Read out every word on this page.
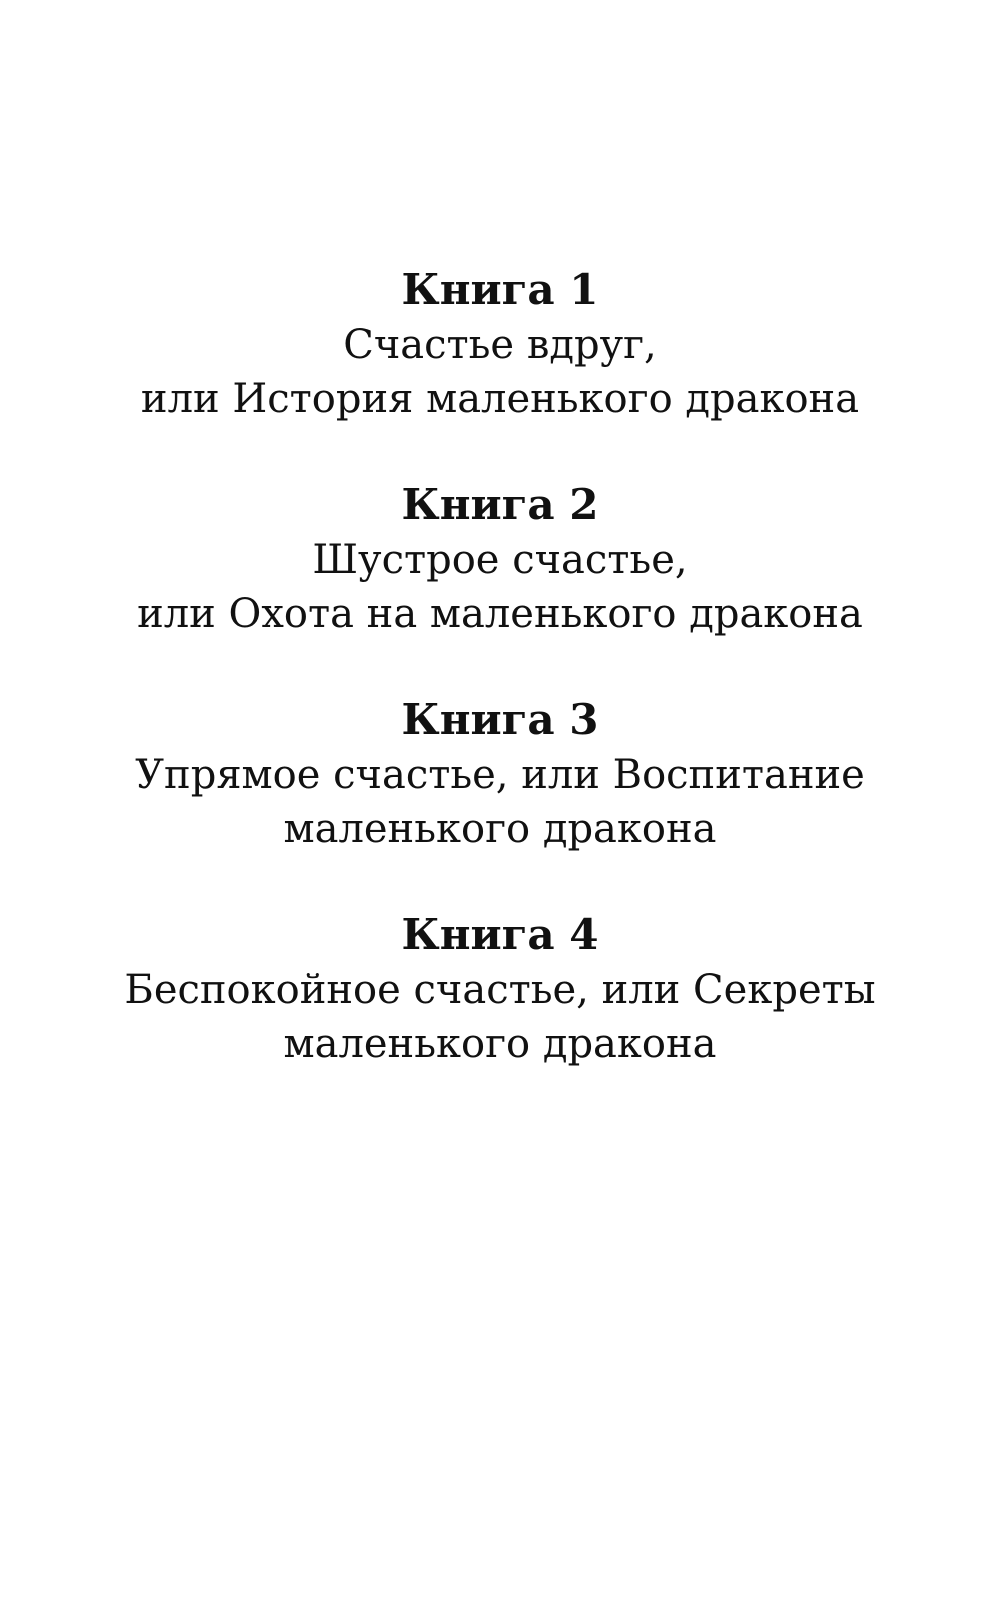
Книга 1
Счастье вдруг,
или История маленького дракона
Книга 2
Шустрое счастье,
или Охота на маленького дракона
Книга 3
Упрямое счастье, или Воспитание
маленького дракона
Книга 4
Беспокойное счастье, или Секреты
маленького дракона
